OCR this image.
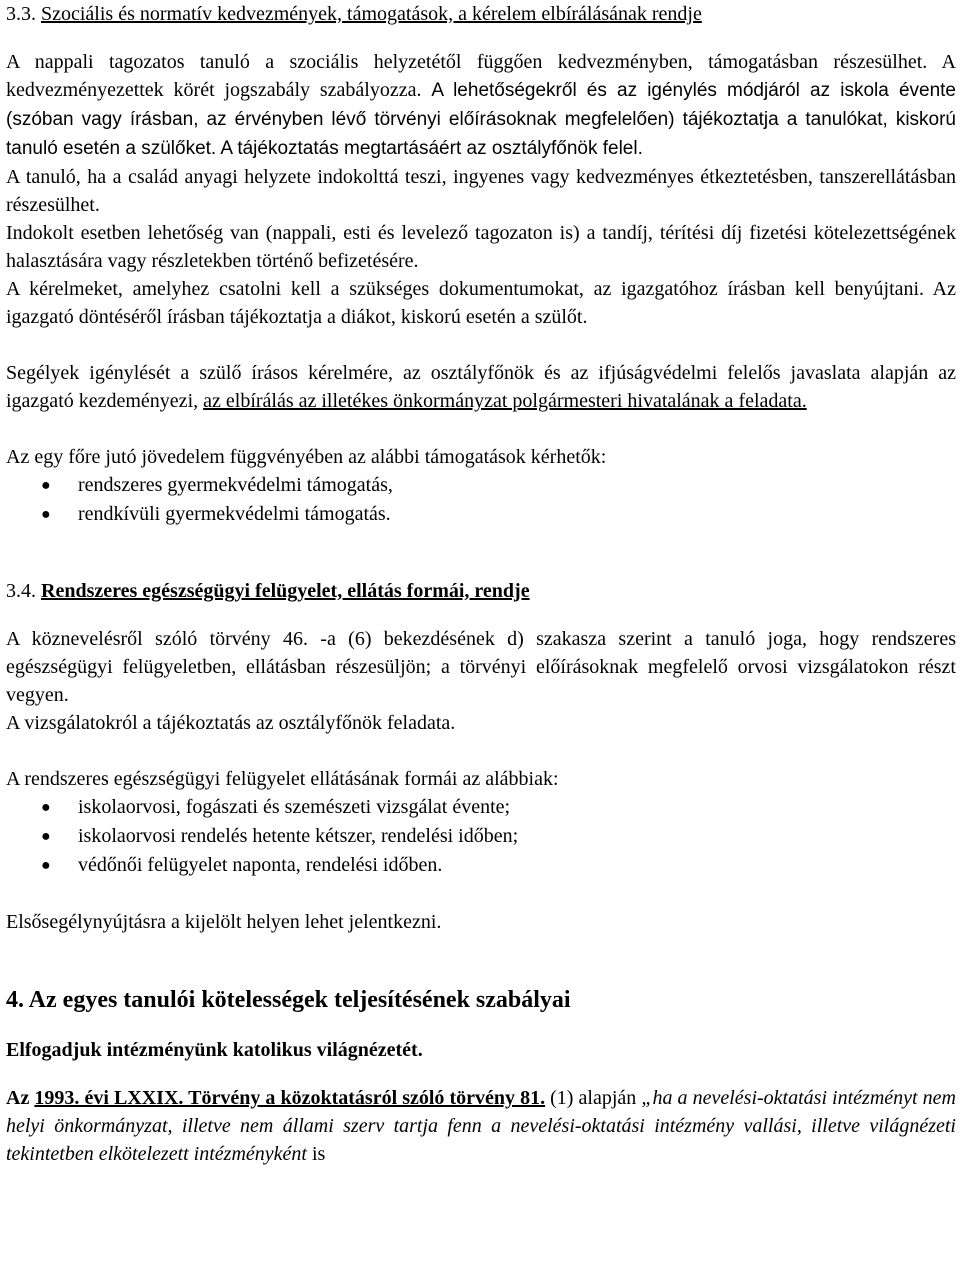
3.3. Szociális és normatív kedvezmények, támogatások, a kérelem elbírálásának rendje

A nappali tagozatos tanuló a szociális helyzetétől függően kedvezményben, támogatásban részesülhet. A kedvezményezettek körét jogszabály szabályozza. A lehetőségekről és az igénylés módjáról az iskola évente (szóban vagy írásban, az érvényben lévő törvényi előírásoknak megfelelően) tájékoztatja a tanulókat, kiskorú tanuló esetén a szülőket. A tájékoztatás megtartásáért az osztályfőnök felel.

A tanuló, ha a család anyagi helyzete indokolttá teszi, ingyenes vagy kedvezményes étkeztetésben, tanszerellátásban részesülhet.

Indokolt esetben lehetőség van (nappali, esti és levelező tagozaton is) a tandíj, térítési díj fizetési kötelezettségének halasztására vagy részletekben történő befizetésére.

A kérelmeket, amelyhez csatolni kell a szükséges dokumentumokat, az igazgatóhoz írásban kell benyújtani. Az igazgató döntéséről írásban tájékoztatja a diákot, kiskorú esetén a szülőt.

Segélyek igénylését a szülő írásos kérelmére, az osztályfőnök és az ifjúságvédelmi felelős javaslata alapján az igazgató kezdeményezi, az elbírálás az illetékes önkormányzat polgármesteri hivatalának a feladata.

Az egy főre jutó jövedelem függvényében az alábbi támogatások kérhetők:

● rendszeres gyermekvédelmi támogatás,
● rendkívüli gyermekvédelmi támogatás.
3.4. Rendszeres egészségügyi felügyelet, ellátás formái, rendje

A köznevelésről szóló törvény 46. -a (6) bekezdésének d) szakasza szerint a tanuló joga, hogy rendszeres egészségügyi felügyeletben, ellátásban részesüljön; a törvényi előírásoknak megfelelő orvosi vizsgálatokon részt vegyen.

A vizsgálatokról a tájékoztatás az osztályfőnök feladata.

A rendszeres egészségügyi felügyelet ellátásának formái az alábbiak:

● iskolaorvosi, fogászati és szemészeti vizsgálat évente;
● iskolaorvosi rendelés hetente kétszer, rendelési időben;
● védőnői felügyelet naponta, rendelési időben.

Elsősegélynyújtásra a kijelölt helyen lehet jelentkezni.

4. Az egyes tanulói kötelességek teljesítésének szabályai

Elfogadjuk intézményünk katolikus világnézetét.

Az 1993. évi LXXIX. Törvény a közoktatásról szóló törvény 81. (1) alapján „ha a nevelési-oktatási intézményt nem helyi önkormányzat, illetve nem állami szerv tartja fenn a nevelési-oktatási intézmény vallási, illetve világnézeti tekintetben elkötelezett intézményként is
